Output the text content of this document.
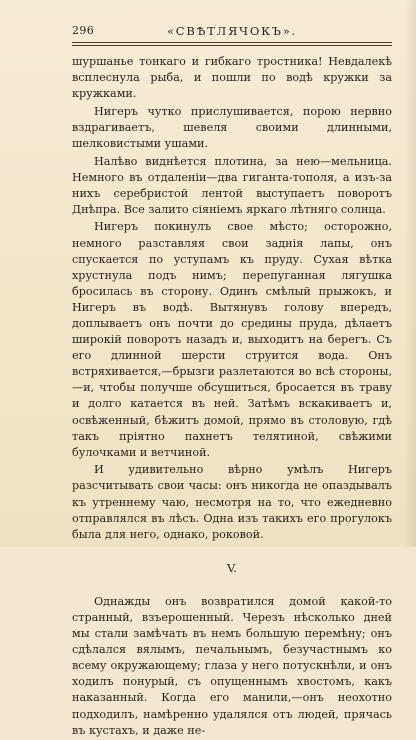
296	«СВѢТЛЯЧОКЪ».

шуршанье тонкаго и гибкаго тростника! Невдалекѣ всплеснула рыба, и пошли по водѣ кружки за кружками.

Нигеръ чутко прислушивается, порою нервно вздрагиваетъ, шевеля своими длинными, шелковистыми ушами.

Налѣво виднѣется плотина, за нею—мельница. Немного въ отдаленіи—два гиганта-тополя, а изъ-за нихъ серебристой лентой выступаетъ поворотъ Днѣпра. Все залито сіяніемъ яркаго лѣтняго солнца.

Нигеръ покинулъ свое мѣсто; осторожно, немного разставляя свои заднія лапы, онъ спускается по уступамъ къ пруду. Сухая вѣтка хрустнула подъ нимъ; перепуганная лягушка бросилась въ сторону. Одинъ смѣлый прыжокъ, и Нигеръ въ водѣ. Вытянувъ голову впередъ, доплываетъ онъ почти до средины пруда, дѣлаетъ широкій поворотъ назадъ и, выходитъ на берегъ. Съ его длинной шерсти струится вода. Онъ встряхивается,—брызги разлетаются во всѣ стороны,—и, чтобы получше обсушиться, бросается въ траву и долго катается въ ней. Затѣмъ вскакиваетъ и, освѣженный, бѣжитъ домой, прямо въ столовую, гдѣ такъ пріятно пахнетъ телятиной, свѣжими булочками и ветчиной.

И удивительно вѣрно умѣлъ Нигеръ разсчитывать свои часы: онъ никогда не опаздывалъ къ утреннему чаю, несмотря на то, что ежедневно отправлялся въ лѣсъ. Одна изъ такихъ его прогулокъ была для него, однако, роковой.

V.

Однажды онъ возвратился домой какой-то странный, взъерошенный. Черезъ нѣсколько дней мы стали замѣчать въ немъ большую перемѣну; онъ сдѣлался вялымъ, печальнымъ, безучастнымъ ко всему окружающему; глаза у него потускнѣли, и онъ ходилъ понурый, съ опущеннымъ хвостомъ, какъ наказанный. Когда его манили,—онъ неохотно подходилъ, намѣренно удалялся отъ людей, прячась въ кустахъ, и даже не-
